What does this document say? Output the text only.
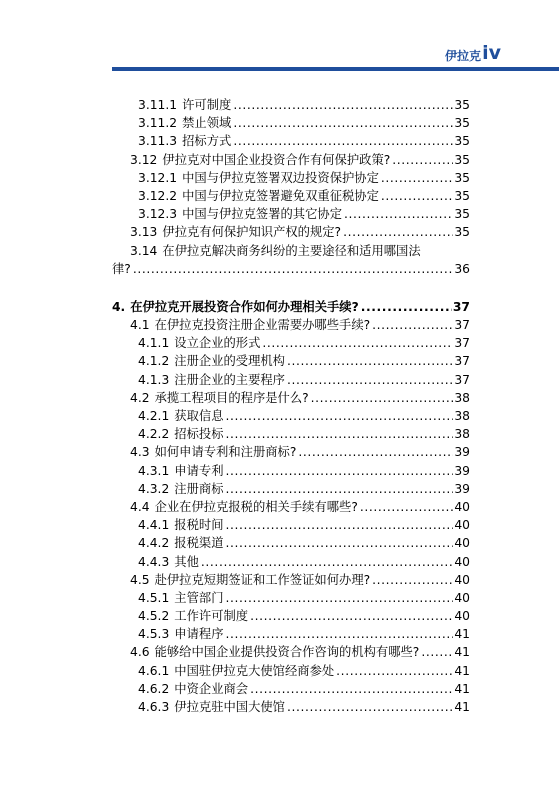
伊拉克 iv
3.11.1 许可制度 .....	35
3.11.2 禁止领域 .....	35
3.11.3 招标方式 .....	35
3.12 伊拉克对中国企业投资合作有何保护政策? .....	35
3.12.1 中国与伊拉克签署双边投资保护协定 .....	35
3.12.2 中国与伊拉克签署避免双重征税协定 .....	35
3.12.3 中国与伊拉克签署的其它协定 .....	35
3.13 伊拉克有何保护知识产权的规定? .....	35
3.14 在伊拉克解决商务纠纷的主要途径和适用哪国法
律? .....	36
4. 在伊拉克开展投资合作如何办理相关手续? .....	37
4.1 在伊拉克投资注册企业需要办哪些手续? .....	37
4.1.1 设立企业的形式 .....	37
4.1.2 注册企业的受理机构 .....	37
4.1.3 注册企业的主要程序 .....	37
4.2 承揽工程项目的程序是什么? .....	38
4.2.1 获取信息 .....	38
4.2.2 招标投标 .....	38
4.3 如何申请专利和注册商标? .....	39
4.3.1 申请专利 .....	39
4.3.2 注册商标 .....	39
4.4 企业在伊拉克报税的相关手续有哪些? .....	40
4.4.1 报税时间 .....	40
4.4.2 报税渠道 .....	40
4.4.3 其他 .....	40
4.5 赴伊拉克短期签证和工作签证如何办理? .....	40
4.5.1 主管部门 .....	40
4.5.2 工作许可制度 .....	40
4.5.3 申请程序 .....	41
4.6 能够给中国企业提供投资合作咨询的机构有哪些? .....	41
4.6.1 中国驻伊拉克大使馆经商参处 .....	41
4.6.2 中资企业商会 .....	41
4.6.3 伊拉克驻中国大使馆 .....	41
